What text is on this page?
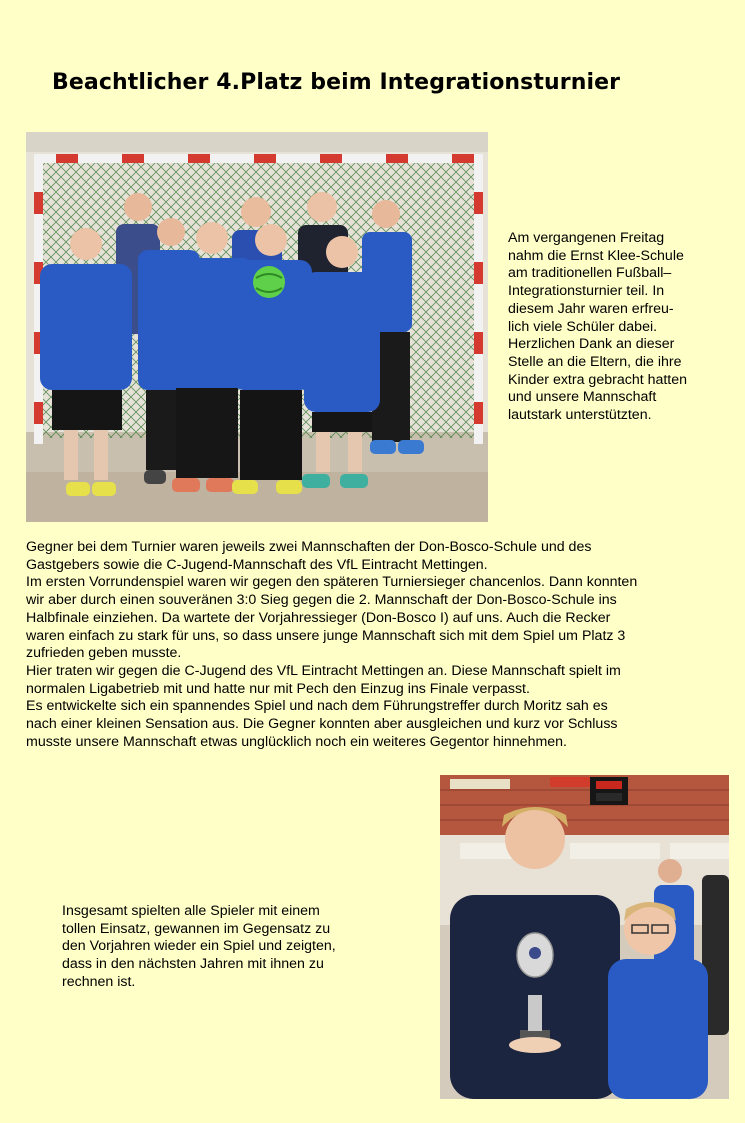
Beachtlicher 4.Platz beim Integrationsturnier
Am vergangenen Freitag
nahm die Ernst Klee-Schule
am traditionellen Fußball–
Integrationsturnier teil. In
diesem Jahr waren erfreu-
lich viele Schüler dabei.
Herzlichen Dank an dieser
Stelle an die Eltern, die ihre
Kinder extra gebracht hatten
und unsere Mannschaft
lautstark unterstützten.
Gegner bei dem Turnier waren jeweils zwei Mannschaften der Don-Bosco-Schule und des
Gastgebers sowie die C-Jugend-Mannschaft des VfL Eintracht Mettingen.
Im ersten Vorrundenspiel waren wir gegen den späteren Turniersieger chancenlos. Dann konnten
wir aber durch einen souveränen 3:0 Sieg gegen die 2. Mannschaft der Don-Bosco-Schule ins
Halbfinale einziehen. Da wartete der Vorjahressieger (Don-Bosco I) auf uns. Auch die Recker
waren einfach zu stark für uns, so dass unsere junge Mannschaft sich mit dem Spiel um Platz 3
zufrieden geben musste.
Hier traten wir gegen die C-Jugend des VfL Eintracht Mettingen an. Diese Mannschaft spielt im
normalen Ligabetrieb mit und hatte nur mit Pech den Einzug ins Finale verpasst.
Es entwickelte sich ein spannendes Spiel und nach dem Führungstreffer durch Moritz sah es
nach einer kleinen Sensation aus. Die Gegner konnten aber ausgleichen und kurz vor Schluss
musste unsere Mannschaft etwas unglücklich noch ein weiteres Gegentor hinnehmen.
Insgesamt spielten alle Spieler mit einem
tollen Einsatz, gewannen im Gegensatz zu
den Vorjahren wieder ein Spiel und zeigten,
dass in den nächsten Jahren mit ihnen zu
rechnen ist.
